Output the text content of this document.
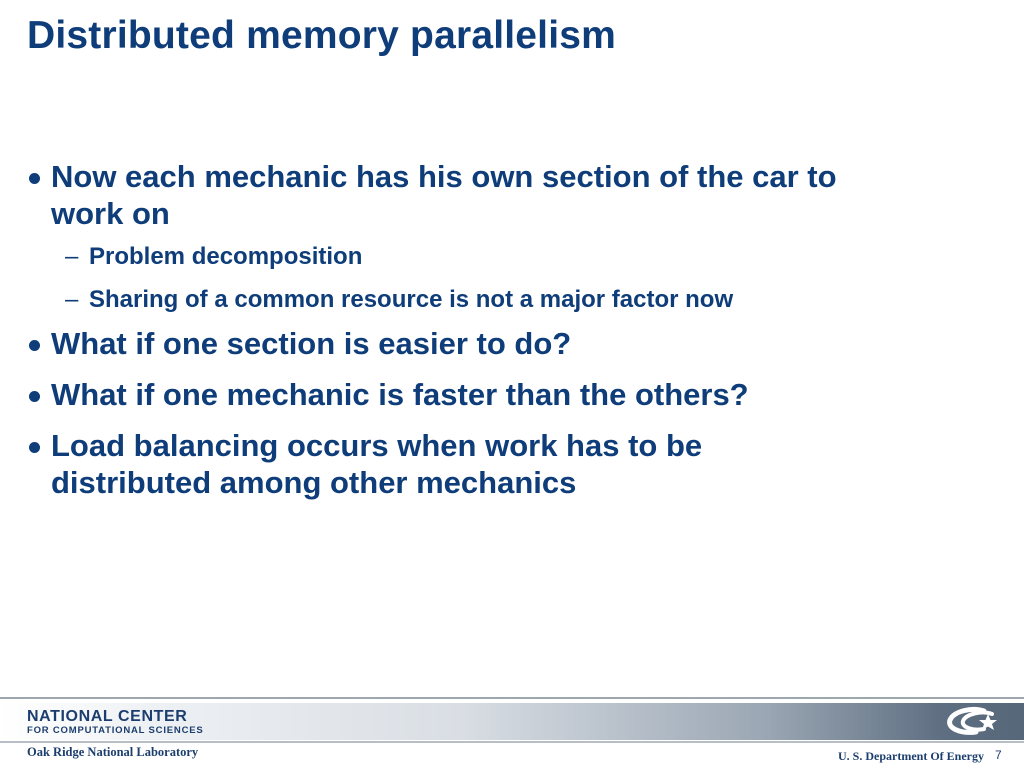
Distributed memory parallelism
Now each mechanic has his own section of the car to work on
– Problem decomposition
– Sharing of a common resource is not a major factor now
What if one section is easier to do?
What if one mechanic is faster than the others?
Load balancing occurs when work has to be distributed among other mechanics
NATIONAL CENTER
FOR COMPUTATIONAL SCIENCES
Oak Ridge National Laboratory	U. S. Department Of Energy 7
